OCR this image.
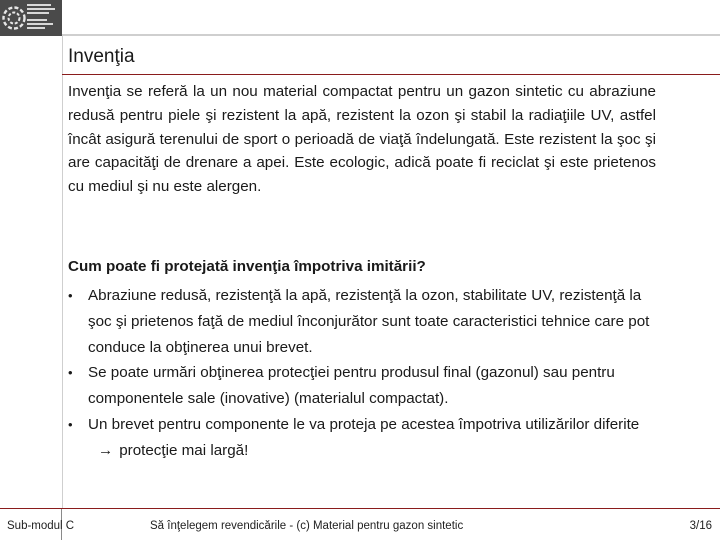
Invenţia

Invenţia se referă la un nou material compactat pentru un gazon sintetic cu abraziune redusă pentru piele şi rezistent la apă, rezistent la ozon şi stabil la radiaţiile UV, astfel încât asigură terenului de sport o perioadă de viaţă îndelungată. Este rezistent la şoc şi are capacităţi de drenare a apei. Este ecologic, adică poate fi reciclat şi este prietenos cu mediul şi nu este alergen.

Cum poate fi protejată invenţia împotriva imitării?

• Abraziune redusă, rezistenţă la apă, rezistenţă la ozon, stabilitate UV, rezistenţă la şoc şi prietenos faţă de mediul înconjurător sunt toate caracteristici tehnice care pot conduce la obţinerea unui brevet.
• Se poate urmări obţinerea protecţiei pentru produsul final (gazonul) sau pentru componentele sale (inovative) (materialul compactat).
• Un brevet pentru componente le va proteja pe acestea împotriva utilizărilor diferite→ protecţie mai largă!
Sub-modul C	Să înţelegem revendicările - (c) Material pentru gazon sintetic	3/16
